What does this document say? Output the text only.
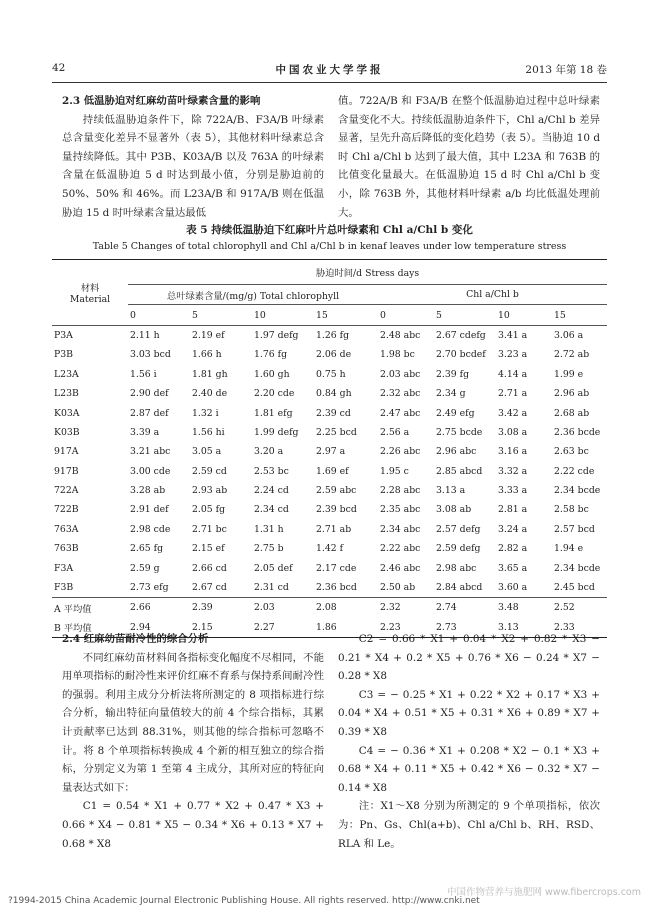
42	中国农业大学学报	2013 年第 18 卷

2.3 低温胁迫对红麻幼苗叶绿素含量的影响

持续低温胁迫条件下，除 722A/B、F3A/B 叶绿素总含量变化差异不显著外（表 5），其他材料叶绿素总含量持续降低。其中 P3B、K03A/B 以及 763A 的叶绿素含量在低温胁迫 5 d 时达到最小值，分别是胁迫前的 50%、50% 和 46%。而 L23A/B 和 917A/B 则在低温胁迫 15 d 时叶绿素含量达最低

值。722A/B 和 F3A/B 在整个低温胁迫过程中总叶绿素含量变化不大。持续低温胁迫条件下，Chl a/Chl b 差异显著，呈先升高后降低的变化趋势（表 5）。当胁迫 10 d 时 Chl a/Chl b 达到了最大值，其中 L23A 和 763B 的比值变化量最大。在低温胁迫 15 d 时 Chl a/Chl b 变小，除 763B 外，其他材料叶绿素 a/b 均比低温处理前大。

表 5 持续低温胁迫下红麻叶片总叶绿素和 Chl a/Chl b 变化
Table 5 Changes of total chlorophyll and Chl a/Chl b in kenaf leaves under low temperature stress
材料
Material	胁迫时间/d Stress days							
	总叶绿素含量/(mg/g) Total chlorophyll				Chl a/Chl b			
	0	5	10	15	0	5	10	15
P3A	2.11 h	2.19 ef	1.97 defg	1.26 fg	2.48 abc	2.67 cdefg	3.41 a	3.06 a
P3B	3.03 bcd	1.66 h	1.76 fg	2.06 de	1.98 bc	2.70 bcdef	3.23 a	2.72 ab
L23A	1.56 i	1.81 gh	1.60 gh	0.75 h	2.03 abc	2.39 fg	4.14 a	1.99 e
L23B	2.90 def	2.40 de	2.20 cde	0.84 gh	2.32 abc	2.34 g	2.71 a	2.96 ab
K03A	2.87 def	1.32 i	1.81 efg	2.39 cd	2.47 abc	2.49 efg	3.42 a	2.68 ab
K03B	3.39 a	1.56 hi	1.99 defg	2.25 bcd	2.56 a	2.75 bcde	3.08 a	2.36 bcde
917A	3.21 abc	3.05 a	3.20 a	2.97 a	2.26 abc	2.96 abc	3.16 a	2.63 bc
917B	3.00 cde	2.59 cd	2.53 bc	1.69 ef	1.95 c	2.85 abcd	3.32 a	2.22 cde
722A	3.28 ab	2.93 ab	2.24 cd	2.59 abc	2.28 abc	3.13 a	3.33 a	2.34 bcde
722B	2.91 def	2.05 fg	2.34 cd	2.39 bcd	2.35 abc	3.08 ab	2.81 a	2.58 bc
763A	2.98 cde	2.71 bc	1.31 h	2.71 ab	2.34 abc	2.57 defg	3.24 a	2.57 bcd
763B	2.65 fg	2.15 ef	2.75 b	1.42 f	2.22 abc	2.59 defg	2.82 a	1.94 e
F3A	2.59 g	2.66 cd	2.05 def	2.17 cde	2.46 abc	2.98 abc	3.65 a	2.34 bcde
F3B	2.73 efg	2.67 cd	2.31 cd	2.36 bcd	2.50 ab	2.84 abcd	3.60 a	2.45 bcd
A 平均值	2.66	2.39	2.03	2.08	2.32	2.74	3.48	2.52
B 平均值	2.94	2.15	2.27	1.86	2.23	2.73	3.13	2.33

2.4 红麻幼苗耐冷性的综合分析

不同红麻幼苗材料间各指标变化幅度不尽相同，不能用单项指标的耐冷性来评价红麻不育系与保持系间耐冷性的强弱。利用主成分分析法将所测定的 8 项指标进行综合分析，输出特征向量值较大的前 4 个综合指标，其累计贡献率已达到 88.31%，则其他的综合指标可忽略不计。将 8 个单项指标转换成 4 个新的相互独立的综合指标，分别定义为第 1 至第 4 主成分，其所对应的特征向量表达式如下：

C1 = 0.54 * X1 + 0.77 * X2 + 0.47 * X3 + 0.66 * X4 − 0.81 * X5 − 0.34 * X6 + 0.13 * X7 + 0.68 * X8

C2 = 0.66 * X1 + 0.04 * X2 + 0.82 * X3 − 0.21 * X4 + 0.2 * X5 + 0.76 * X6 − 0.24 * X7 − 0.28 * X8

C3 = − 0.25 * X1 + 0.22 * X2 + 0.17 * X3 + 0.04 * X4 + 0.51 * X5 + 0.31 * X6 + 0.89 * X7 + 0.39 * X8

C4 = − 0.36 * X1 + 0.208 * X2 − 0.1 * X3 + 0.68 * X4 + 0.11 * X5 + 0.42 * X6 − 0.32 * X7 − 0.14 * X8

注：X1～X8 分别为所测定的 9 个单项指标，依次为：Pn、Gs、Chl(a+b)、Chl a/Chl b、RH、RSD、RLA 和 Le。

?1994-2015 China Academic Journal Electronic Publishing House. All rights reserved. http://www.cnki.net
中国作物营养与施肥网 www.fibercrops.com
